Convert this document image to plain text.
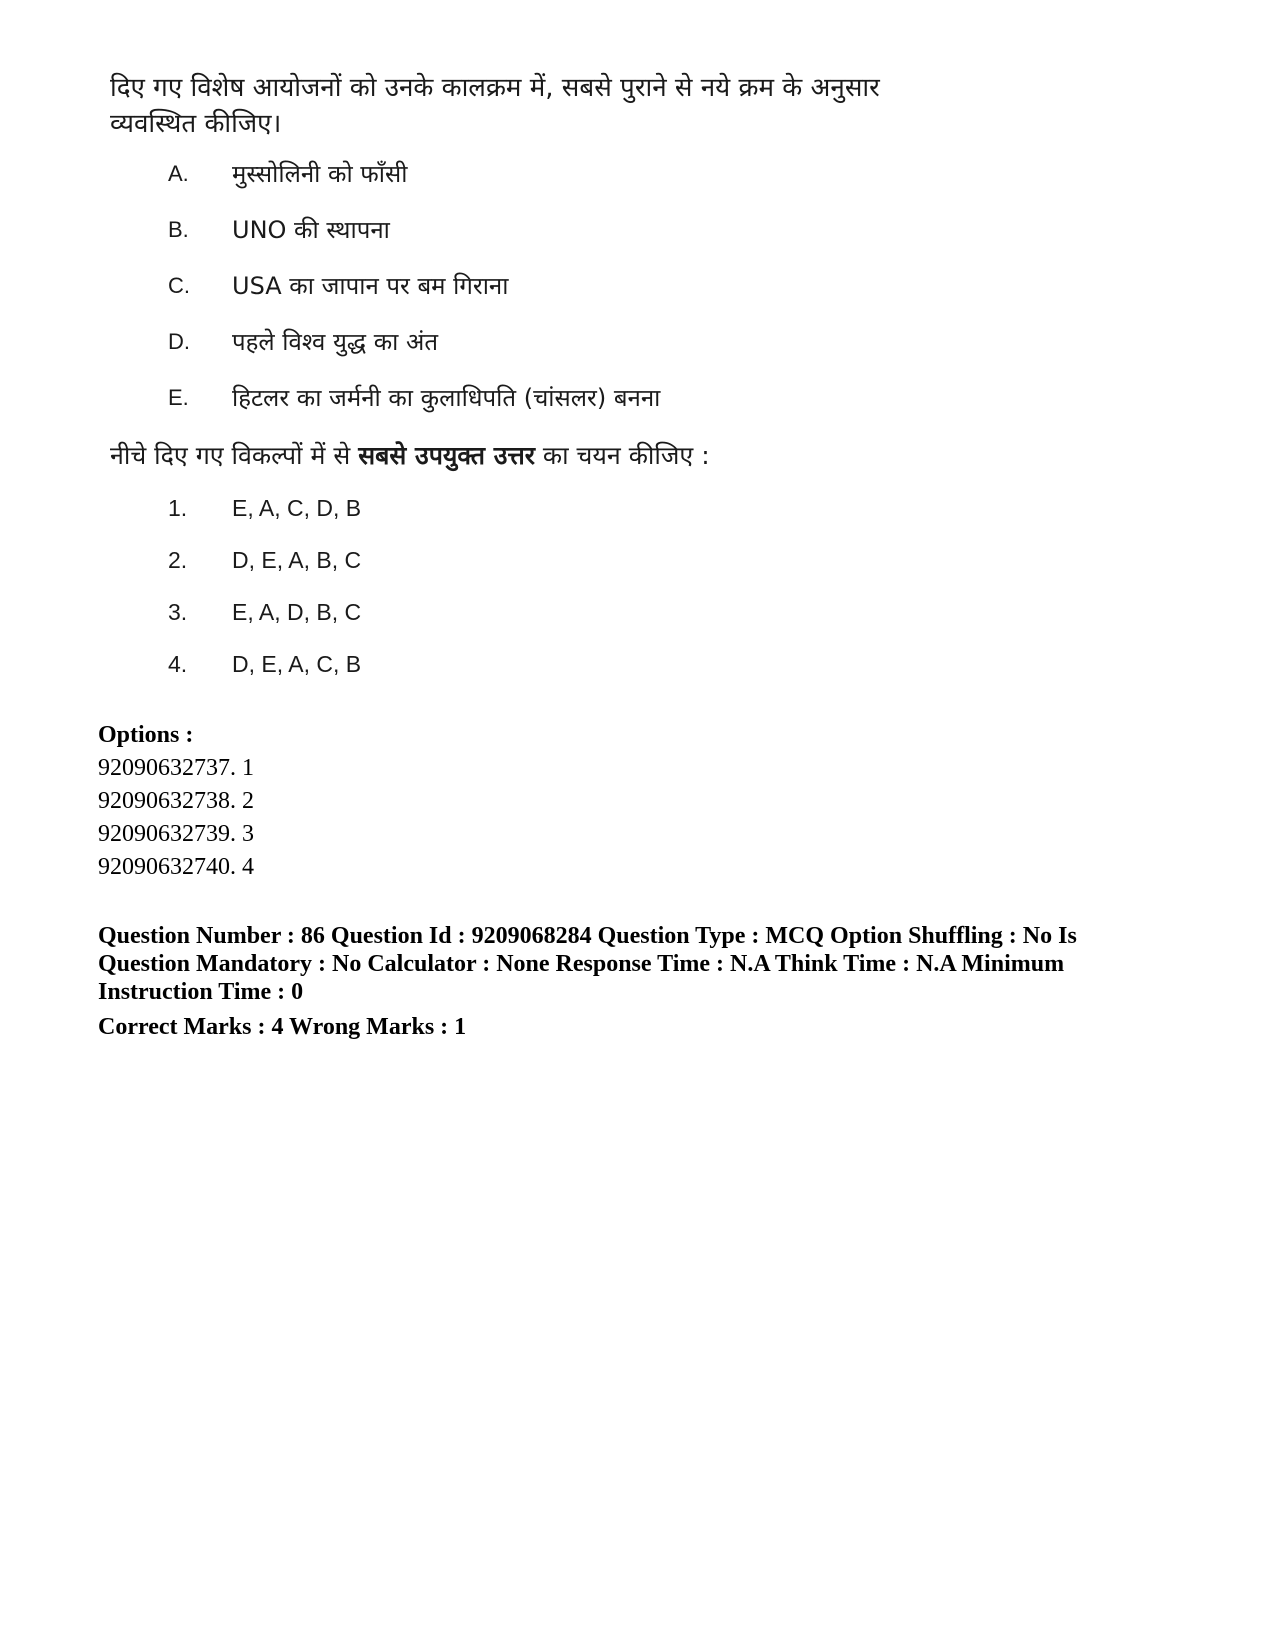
दिए गए विशेष आयोजनों को उनके कालक्रम में, सबसे पुराने से नये क्रम के अनुसार व्यवस्थित कीजिए।

A. मुस्सोलिनी को फाँसी
B. UNO की स्थापना
C. USA का जापान पर बम गिराना
D. पहले विश्व युद्ध का अंत
E. हिटलर का जर्मनी का कुलाधिपति (चांसलर) बनना

नीचे दिए गए विकल्पों में से सबसे उपयुक्त उत्तर का चयन कीजिए :

1. E, A, C, D, B
2. D, E, A, B, C
3. E, A, D, B, C
4. D, E, A, C, B
Options :
92090632737. 1
92090632738. 2
92090632739. 3
92090632740. 4
Question Number : 86 Question Id : 9209068284 Question Type : MCQ Option Shuffling : No Is
Question Mandatory : No Calculator : None Response Time : N.A Think Time : N.A Minimum
Instruction Time : 0
Correct Marks : 4 Wrong Marks : 1
